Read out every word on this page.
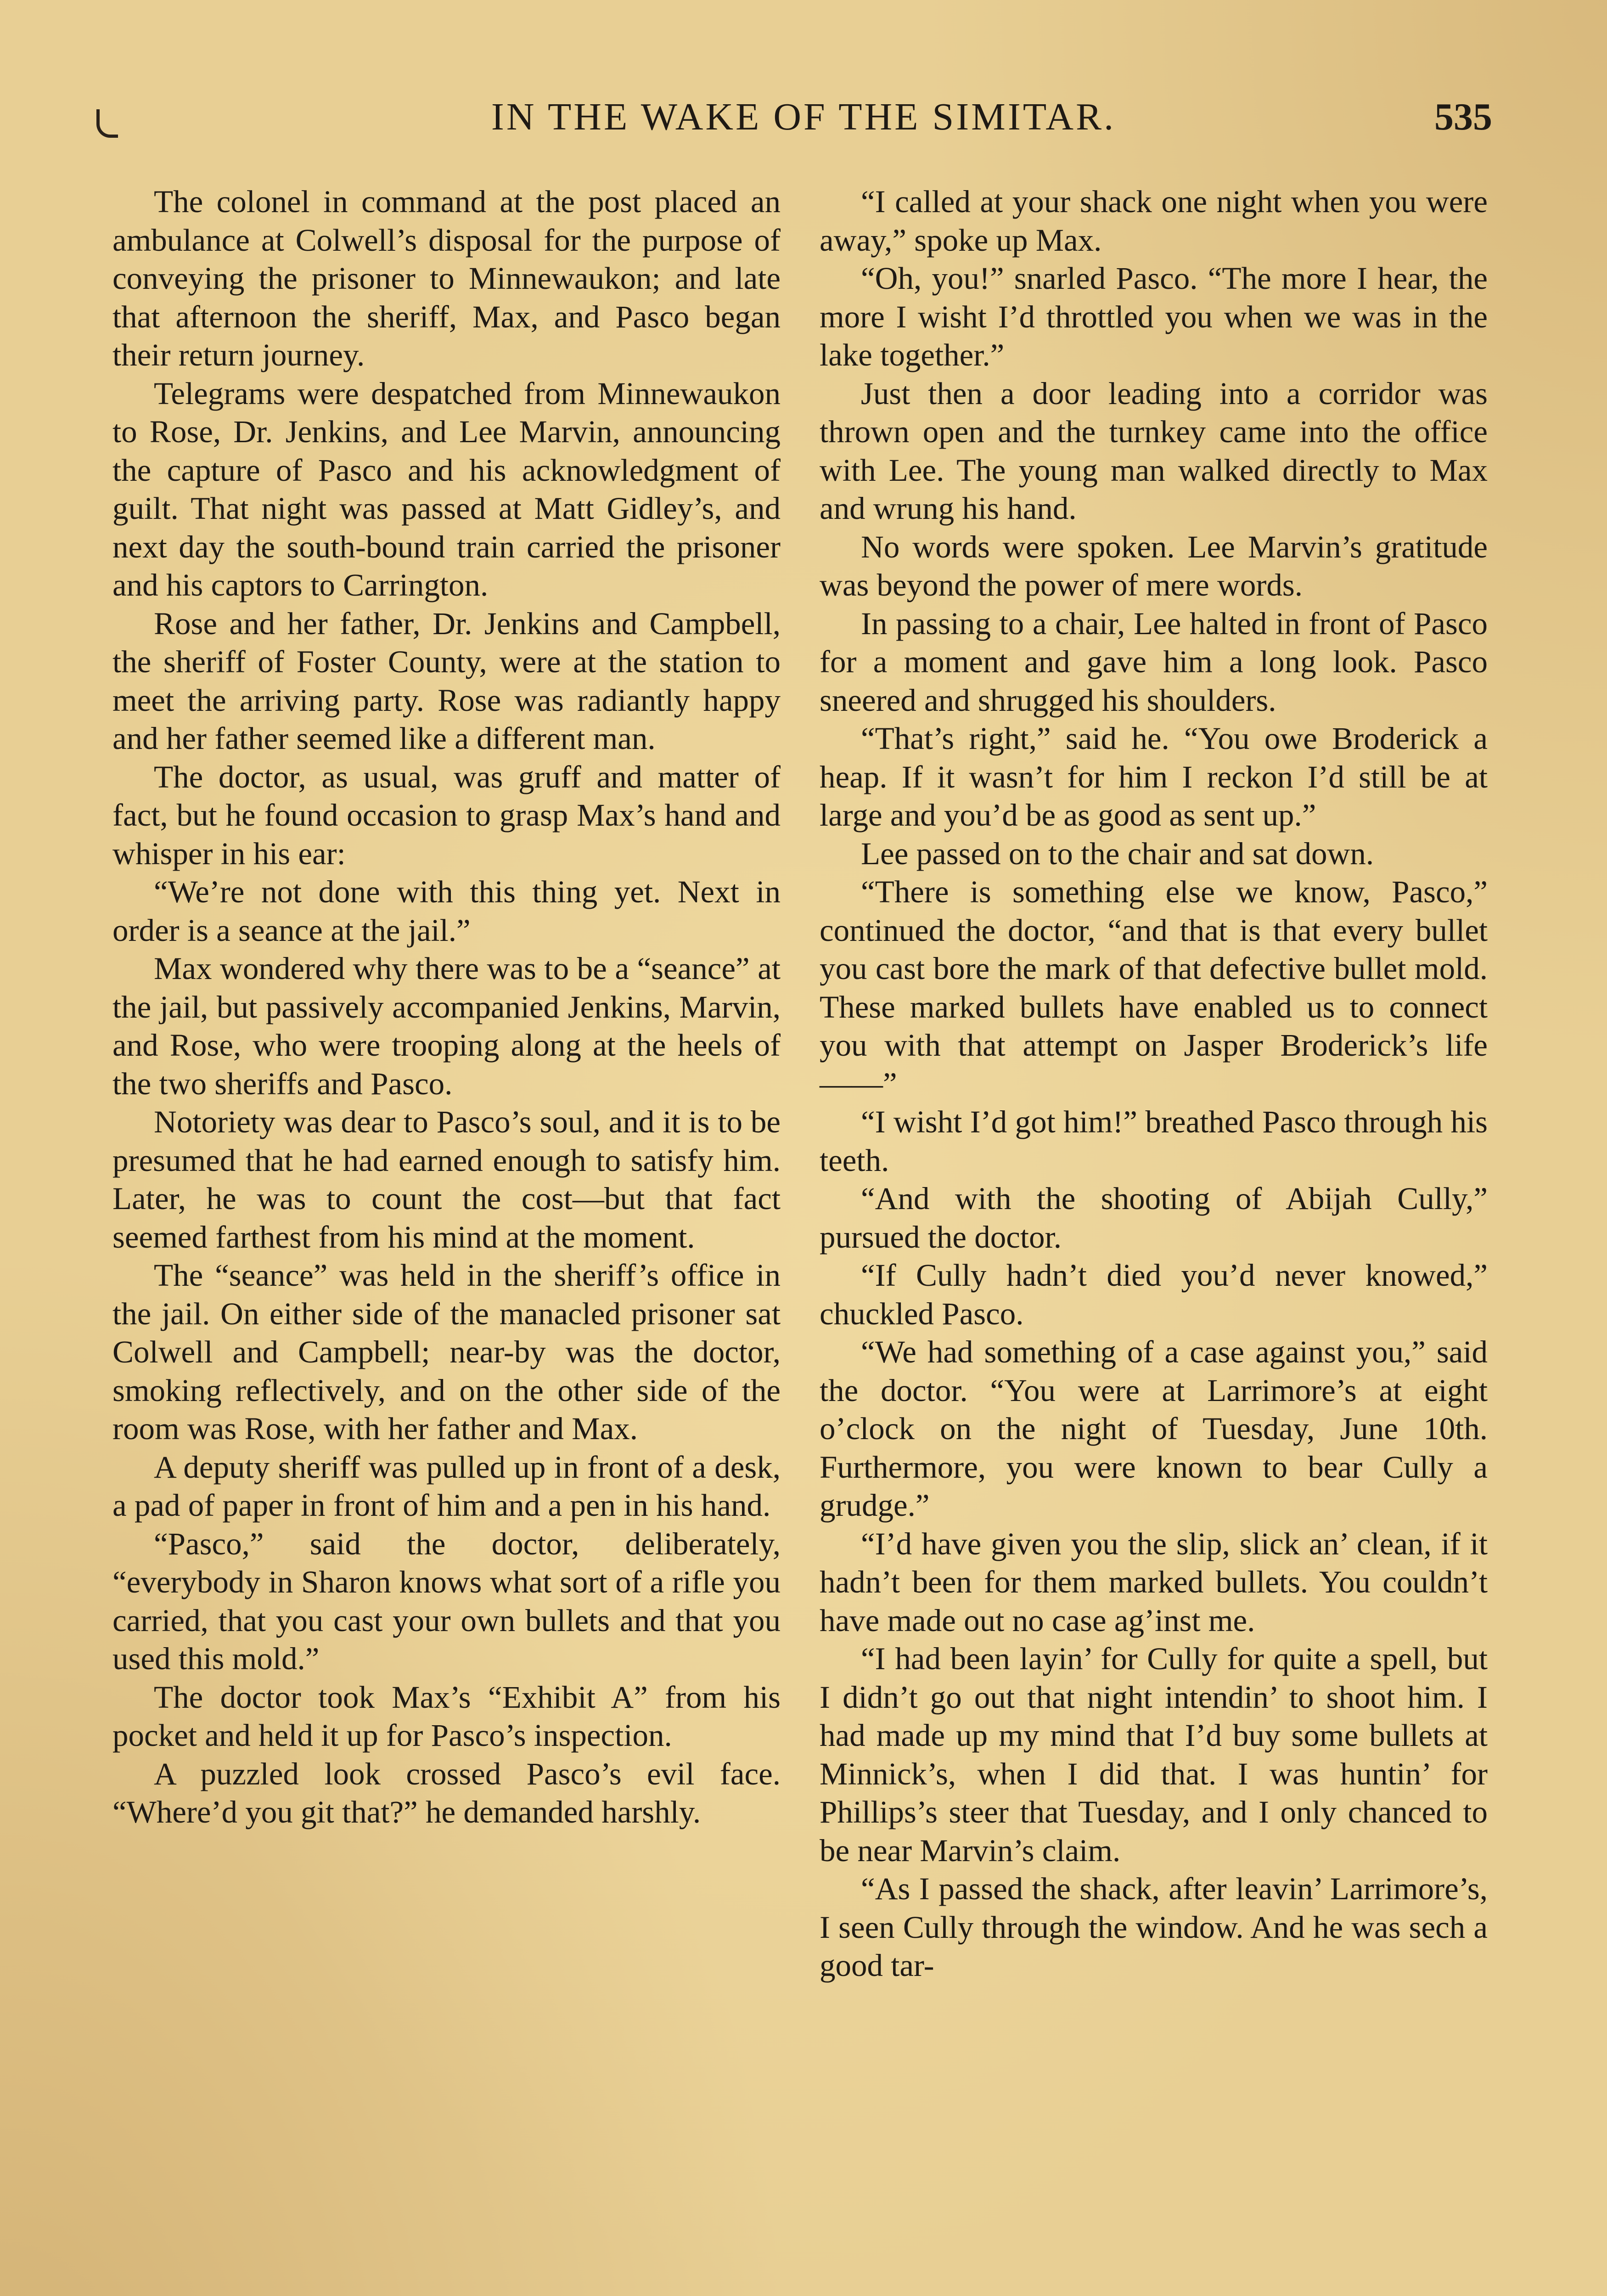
IN THE WAKE OF THE SIMITAR.	535

The colonel in command at the post placed an ambulance at Colwell’s disposal for the purpose of conveying the prisoner to Minnewaukon; and late that afternoon the sheriff, Max, and Pasco began their return journey.

Telegrams were despatched from Minnewaukon to Rose, Dr. Jenkins, and Lee Marvin, announcing the capture of Pasco and his acknowledgment of guilt. That night was passed at Matt Gidley’s, and next day the south-bound train carried the prisoner and his captors to Carrington.

Rose and her father, Dr. Jenkins and Campbell, the sheriff of Foster County, were at the station to meet the arriving party. Rose was radiantly happy and her father seemed like a different man.

The doctor, as usual, was gruff and matter of fact, but he found occasion to grasp Max’s hand and whisper in his ear:

“We’re not done with this thing yet. Next in order is a seance at the jail.”

Max wondered why there was to be a “seance” at the jail, but passively accompanied Jenkins, Marvin, and Rose, who were trooping along at the heels of the two sheriffs and Pasco.

Notoriety was dear to Pasco’s soul, and it is to be presumed that he had earned enough to satisfy him. Later, he was to count the cost—but that fact seemed farthest from his mind at the moment.

The “seance” was held in the sheriff’s office in the jail. On either side of the manacled prisoner sat Colwell and Campbell; near-by was the doctor, smoking reflectively, and on the other side of the room was Rose, with her father and Max.

A deputy sheriff was pulled up in front of a desk, a pad of paper in front of him and a pen in his hand.

“Pasco,” said the doctor, deliberately, “everybody in Sharon knows what sort of a rifle you carried, that you cast your own bullets and that you used this mold.”

The doctor took Max’s “Exhibit A” from his pocket and held it up for Pasco’s inspection.

A puzzled look crossed Pasco’s evil face. “Where’d you git that?” he demanded harshly.

“I called at your shack one night when you were away,” spoke up Max.

“Oh, you!” snarled Pasco. “The more I hear, the more I wisht I’d throttled you when we was in the lake together.”

Just then a door leading into a corridor was thrown open and the turnkey came into the office with Lee. The young man walked directly to Max and wrung his hand.

No words were spoken. Lee Marvin’s gratitude was beyond the power of mere words.

In passing to a chair, Lee halted in front of Pasco for a moment and gave him a long look. Pasco sneered and shrugged his shoulders.

“That’s right,” said he. “You owe Broderick a heap. If it wasn’t for him I reckon I’d still be at large and you’d be as good as sent up.”

Lee passed on to the chair and sat down.

“There is something else we know, Pasco,” continued the doctor, “and that is that every bullet you cast bore the mark of that defective bullet mold. These marked bullets have enabled us to connect you with that attempt on Jasper Broderick’s life——”

“I wisht I’d got him!” breathed Pasco through his teeth.

“And with the shooting of Abijah Cully,” pursued the doctor.

“If Cully hadn’t died you’d never knowed,” chuckled Pasco.

“We had something of a case against you,” said the doctor. “You were at Larrimore’s at eight o’clock on the night of Tuesday, June 10th. Furthermore, you were known to bear Cully a grudge.”

“I’d have given you the slip, slick an’ clean, if it hadn’t been for them marked bullets. You couldn’t have made out no case ag’inst me.

“I had been layin’ for Cully for quite a spell, but I didn’t go out that night intendin’ to shoot him. I had made up my mind that I’d buy some bullets at Minnick’s, when I did that. I was huntin’ for Phillips’s steer that Tuesday, and I only chanced to be near Marvin’s claim.

“As I passed the shack, after leavin’ Larrimore’s, I seen Cully through the window. And he was sech a good tar-
